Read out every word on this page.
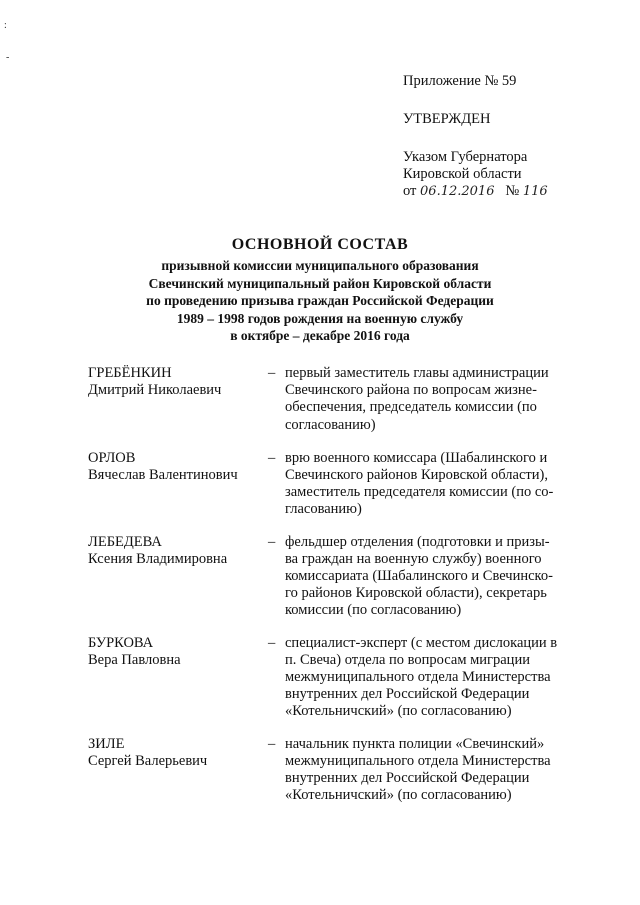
:
-
Приложение № 59
УТВЕРЖДЕН
Указом Губернатора
Кировской области
от 06.12.2016 № 116
ОСНОВНОЙ СОСТАВ
призывной комиссии муниципального образования
Свечинский муниципальный район Кировской области
по проведению призыва граждан Российской Федерации
1989 – 1998 годов рождения на военную службу
в октябре – декабре 2016 года
ГРЕБЁНКИН
Дмитрий Николаевич
– первый заместитель главы администрации
Свечинского района по вопросам жизне-
обеспечения, председатель комиссии (по
согласованию)
ОРЛОВ
Вячеслав Валентинович
– врю военного комиссара (Шабалинского и
Свечинского районов Кировской области),
заместитель председателя комиссии (по со-
гласованию)
ЛЕБЕДЕВА
Ксения Владимировна
– фельдшер отделения (подготовки и призы-
ва граждан на военную службу) военного
комиссариата (Шабалинского и Свечинско-
го районов Кировской области), секретарь
комиссии (по согласованию)
БУРКОВА
Вера Павловна
– специалист-эксперт (с местом дислокации в
п. Свеча) отдела по вопросам миграции
межмуниципального отдела Министерства
внутренних дел Российской Федерации
«Котельничский» (по согласованию)
ЗИЛЕ
Сергей Валерьевич
– начальник пункта полиции «Свечинский»
межмуниципального отдела Министерства
внутренних дел Российской Федерации
«Котельничский» (по согласованию)
